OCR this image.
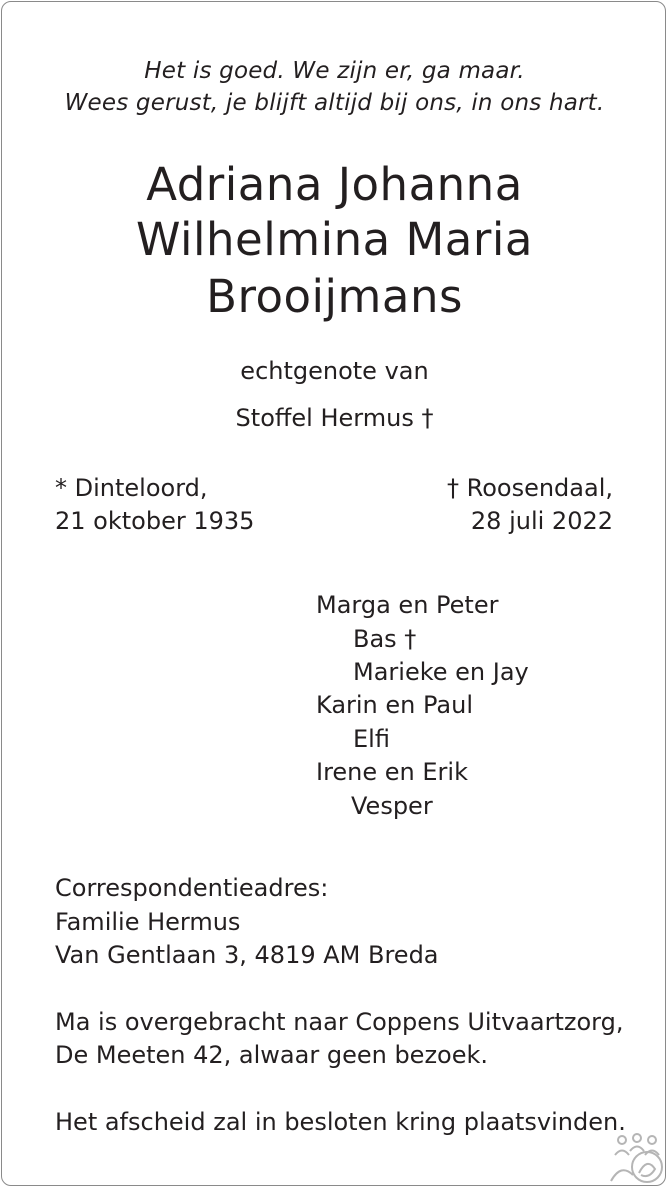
Het is goed. We zijn er, ga maar.
Wees gerust, je blijft altijd bij ons, in ons hart.
Adriana Johanna
Wilhelmina Maria
Brooijmans
echtgenote van
Stoffel Hermus †
* Dinteloord,
21 oktober 1935
† Roosendaal,
28 juli 2022
Marga en Peter
Bas †
Marieke en Jay
Karin en Paul
Elfi
Irene en Erik
Vesper
Correspondentieadres:
Familie Hermus
Van Gentlaan 3, 4819 AM Breda
Ma is overgebracht naar Coppens Uitvaartzorg,
De Meeten 42, alwaar geen bezoek.
Het afscheid zal in besloten kring plaatsvinden.
